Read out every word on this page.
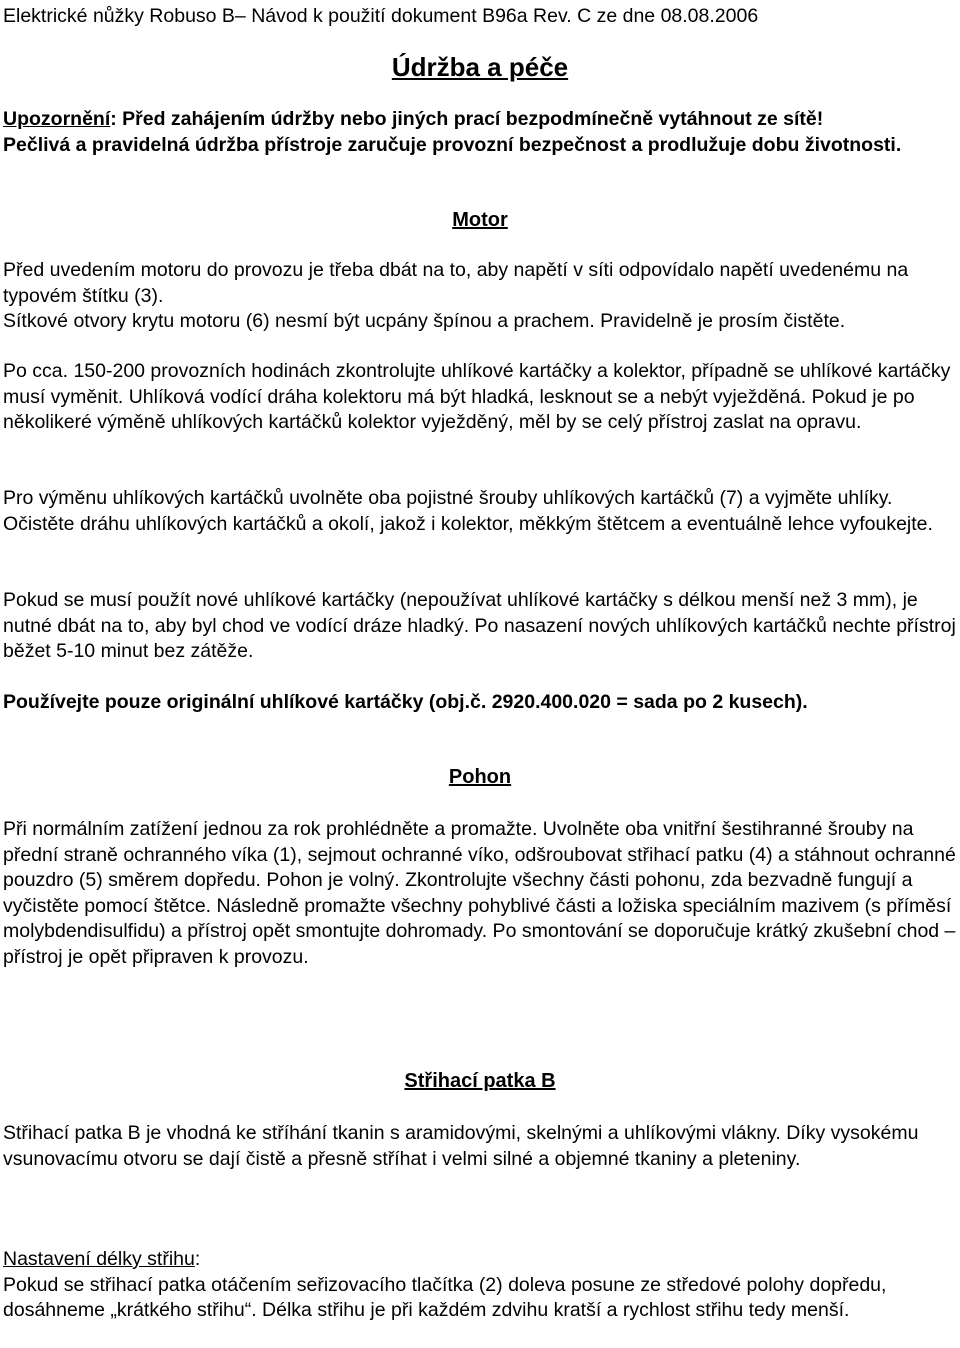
Elektrické nůžky Robuso B– Návod k použití dokument B96a Rev. C ze dne 08.08.2006
Údržba a péče

Upozornění: Před zahájením údržby nebo jiných prací bezpodmínečně vytáhnout ze sítě!

Pečlivá a pravidelná údržba přístroje zaručuje provozní bezpečnost a prodlužuje dobu životnosti.

Motor

Před uvedením motoru do provozu je třeba dbát na to, aby napětí v síti odpovídalo napětí uvedenému na typovém štítku (3).

Sítkové otvory krytu motoru (6) nesmí být ucpány špínou a prachem. Pravidelně je prosím čistěte.

Po cca. 150-200 provozních hodinách zkontrolujte uhlíkové kartáčky a kolektor, případně se uhlíkové kartáčky musí vyměnit. Uhlíková vodící dráha kolektoru má být hladká, lesknout se a nebýt vyježděná. Pokud je po několikeré výměně uhlíkových kartáčků kolektor vyježděný, měl by se celý přístroj zaslat na opravu.

Pro výměnu uhlíkových kartáčků uvolněte oba pojistné šrouby uhlíkových kartáčků (7) a vyjměte uhlíky. Očistěte dráhu uhlíkových kartáčků a okolí, jakož i kolektor, měkkým štětcem a eventuálně lehce vyfoukejte.

Pokud se musí použít nové uhlíkové kartáčky (nepoužívat uhlíkové kartáčky s délkou menší než 3 mm), je nutné dbát na to, aby byl chod ve vodící dráze hladký. Po nasazení nových uhlíkových kartáčků nechte přístroj běžet 5-10 minut bez zátěže.

Používejte pouze originální uhlíkové kartáčky (obj.č. 2920.400.020 = sada po 2 kusech).

Pohon

Při normálním zatížení jednou za rok prohlédněte a promažte. Uvolněte oba vnitřní šestihranné šrouby na přední straně ochranného víka (1), sejmout ochranné víko, odšroubovat střihací patku (4) a stáhnout ochranné pouzdro (5) směrem dopředu. Pohon je volný. Zkontrolujte všechny části pohonu, zda bezvadně fungují a vyčistěte pomocí štětce. Následně promažte všechny pohyblivé části a ložiska speciálním mazivem (s příměsí molybdendisulfidu) a přístroj opět smontujte dohromady. Po smontování se doporučuje krátký zkušební chod – přístroj je opět připraven k provozu.

Střihací patka B

Střihací patka B je vhodná ke stříhání tkanin s aramidovými, skelnými a uhlíkovými vlákny. Díky vysokému vsunovacímu otvoru se dají čistě a přesně stříhat i velmi silné a objemné tkaniny a pleteniny.

Nastavení délky střihu:

Pokud se střihací patka otáčením seřizovacího tlačítka (2) doleva posune ze středové polohy dopředu, dosáhneme „krátkého střihu“. Délka střihu je při každém zdvihu kratší a rychlost střihu tedy menší.
